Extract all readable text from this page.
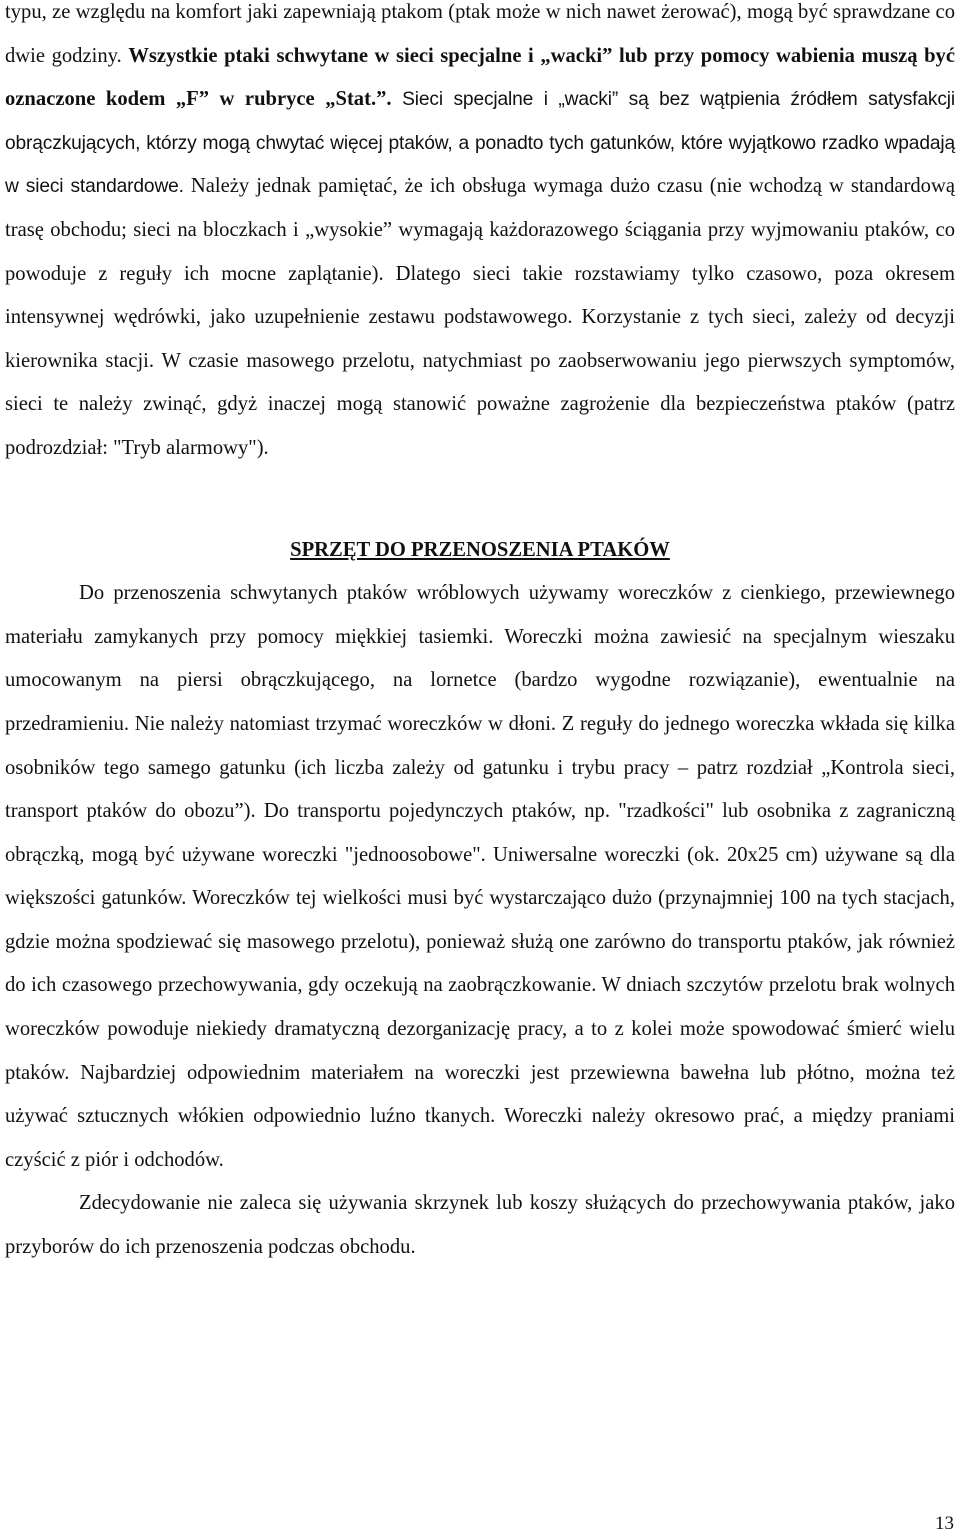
typu, ze względu na komfort jaki zapewniają ptakom (ptak może w nich nawet żerować), mogą być sprawdzane co dwie godziny. Wszystkie ptaki schwytane w sieci specjalne i „wacki” lub przy pomocy wabienia muszą być oznaczone kodem „F” w rubryce „Stat.”. Sieci specjalne i „wacki” są bez wątpienia źródłem satysfakcji obrączkujących, którzy mogą chwytać więcej ptaków, a ponadto tych gatunków, które wyjątkowo rzadko wpadają w sieci standardowe. Należy jednak pamiętać, że ich obsługa wymaga dużo czasu (nie wchodzą w standardową trasę obchodu; sieci na bloczkach i „wysokie” wymagają każdorazowego ściągania przy wyjmowaniu ptaków, co powoduje z reguły ich mocne zaplątanie). Dlatego sieci takie rozstawiamy tylko czasowo, poza okresem intensywnej wędrówki, jako uzupełnienie zestawu podstawowego. Korzystanie z tych sieci, zależy od decyzji kierownika stacji. W czasie masowego przelotu, natychmiast po zaobserwowaniu jego pierwszych symptomów, sieci te należy zwinąć, gdyż inaczej mogą stanowić poważne zagrożenie dla bezpieczeństwa ptaków (patrz podrozdział: "Tryb alarmowy").

SPRZĘT DO PRZENOSZENIA PTAKÓW

Do przenoszenia schwytanych ptaków wróblowych używamy woreczków z cienkiego, przewiewnego materiału zamykanych przy pomocy miękkiej tasiemki. Woreczki można zawiesić na specjalnym wieszaku umocowanym na piersi obrączkującego, na lornetce (bardzo wygodne rozwiązanie), ewentualnie na przedramieniu. Nie należy natomiast trzymać woreczków w dłoni. Z reguły do jednego woreczka wkłada się kilka osobników tego samego gatunku (ich liczba zależy od gatunku i trybu pracy – patrz rozdział „Kontrola sieci, transport ptaków do obozu”). Do transportu pojedynczych ptaków, np. "rzadkości" lub osobnika z zagraniczną obrączką, mogą być używane woreczki "jednoosobowe". Uniwersalne woreczki (ok. 20x25 cm) używane są dla większości gatunków. Woreczków tej wielkości musi być wystarczająco dużo (przynajmniej 100 na tych stacjach, gdzie można spodziewać się masowego przelotu), ponieważ służą one zarówno do transportu ptaków, jak również do ich czasowego przechowywania, gdy oczekują na zaobrączkowanie. W dniach szczytów przelotu brak wolnych woreczków powoduje niekiedy dramatyczną dezorganizację pracy, a to z kolei może spowodować śmierć wielu ptaków. Najbardziej odpowiednim materiałem na woreczki jest przewiewna bawełna lub płótno, można też używać sztucznych włókien odpowiednio luźno tkanych. Woreczki należy okresowo prać, a między praniami czyścić z piór i odchodów.

Zdecydowanie nie zaleca się używania skrzynek lub koszy służących do przechowywania ptaków, jako przyborów do ich przenoszenia podczas obchodu.

13
